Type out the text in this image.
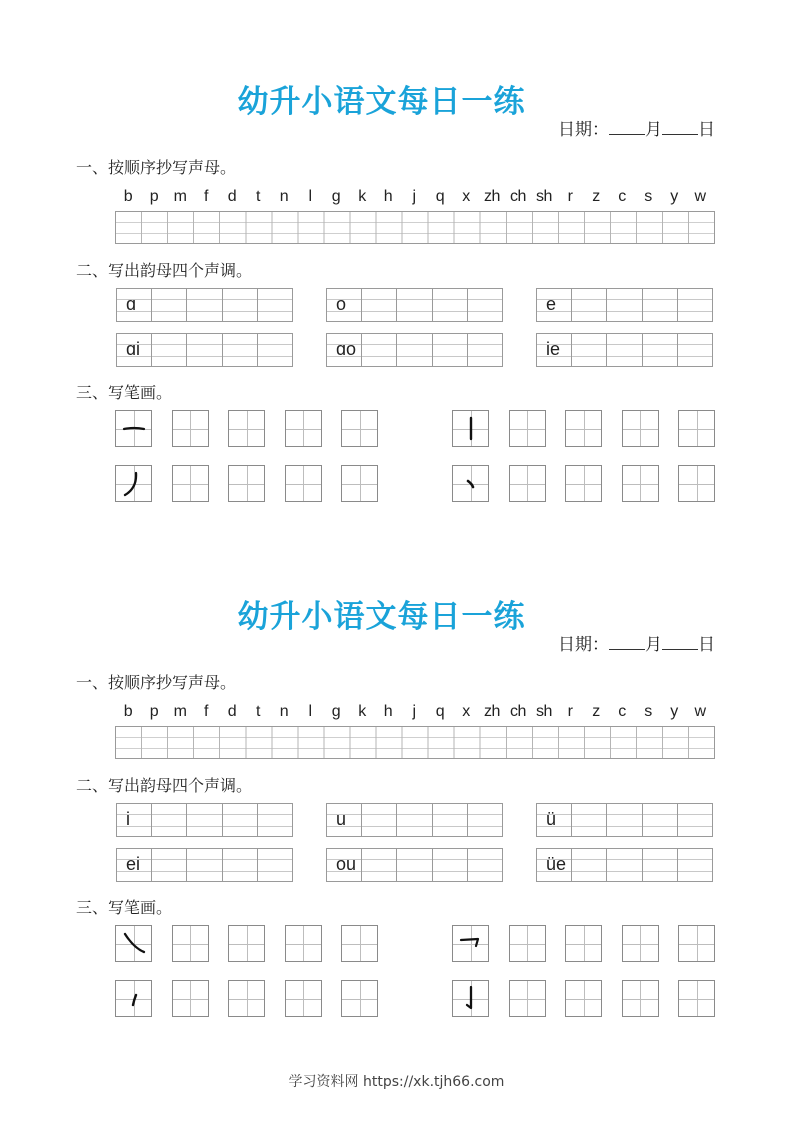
幼升小语文每日一练
日期： 月 日
一、按顺序抄写声母。
b	p m	f	d	t	n	l	g	k	h	j	q	x zh ch sh r	z	c	s	y	w
二、写出韵母四个声调。
ɑ	o	e
ɑi	ɑo	ie
三、写笔画。
幼升小语文每日一练
日期： 月 日
一、按顺序抄写声母。
b	p m	f	d	t	n	l	g	k	h	j	q	x zh ch sh r	z	c	s	y	w
二、写出韵母四个声调。
i	u	ü
ei	ou	üe
三、写笔画。
学习资料网 https://xk.tjh66.com
